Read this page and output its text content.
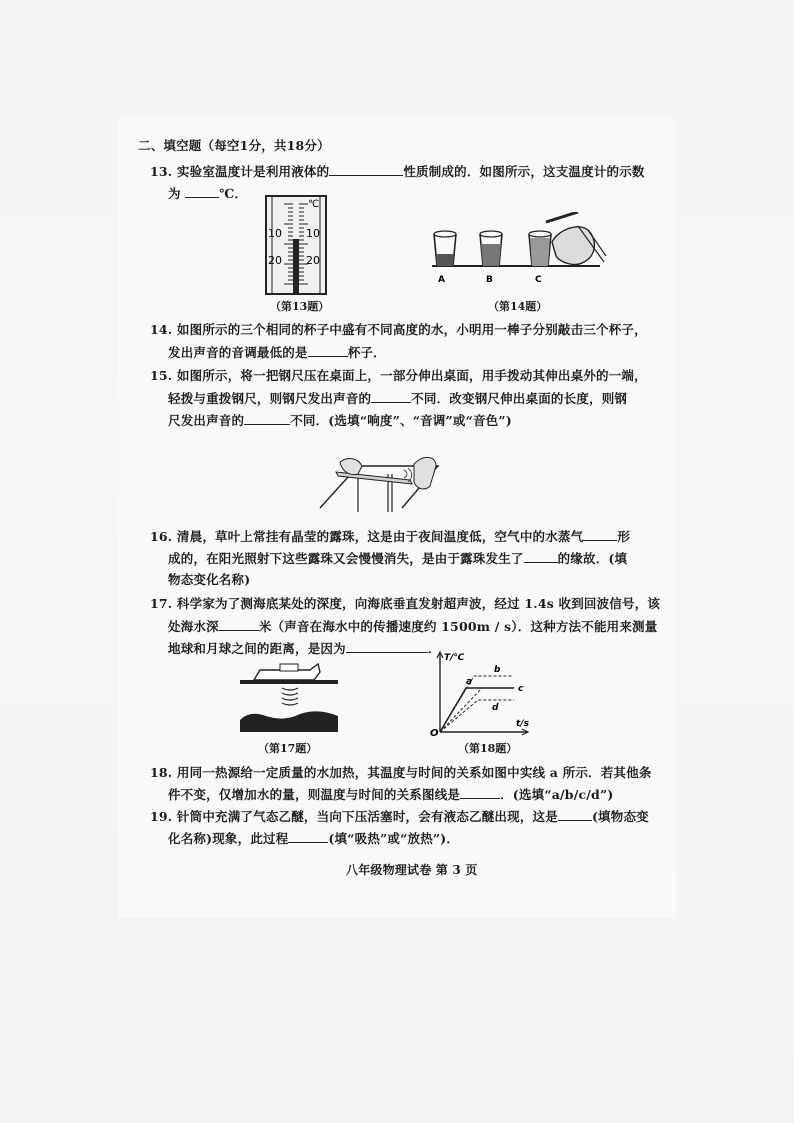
二、填空题（每空1分，共18分）
13. 实验室温度计是利用液体的	性质制成的．如图所示，这支温度计的示数
为	℃．
℃
10 10
20 20
（第13题）
A	B	C
（第14题）
14. 如图所示的三个相同的杯子中盛有不同高度的水，小明用一棒子分别敲击三个杯子，
发出声音的音调最低的是	杯子．
15. 如图所示，将一把钢尺压在桌面上，一部分伸出桌面，用手拨动其伸出桌外的一端，
轻拨与重拨钢尺，则钢尺发出声音的	不同．改变钢尺伸出桌面的长度，则钢
尺发出声音的	不同．(选填“响度”、“音调”或“音色”)
16. 清晨，草叶上常挂有晶莹的露珠，这是由于夜间温度低，空气中的水蒸气	形
成的，在阳光照射下这些露珠又会慢慢消失，是由于露珠发生了	的缘故．(填
物态变化名称)
17. 科学家为了测海底某处的深度，向海底垂直发射超声波，经过 1.4s 收到回波信号，该
处海水深	米（声音在海水中的传播速度约 1500m / s）．这种方法不能用来测量
地球和月球之间的距离，是因为	．
（第17题）
T/℃
t/s
O
a
b
c
d
（第18题）
18. 用同一热源给一定质量的水加热，其温度与时间的关系如图中实线 a 所示．若其他条
件不变，仅增加水的量，则温度与时间的关系图线是	．(选填“a/b/c/d”)
19. 针筒中充满了气态乙醚，当向下压活塞时，会有液态乙醚出现，这是	(填物态变
化名称)现象，此过程	(填“吸热”或“放热”)．
八年级物理试卷 第 3 页
